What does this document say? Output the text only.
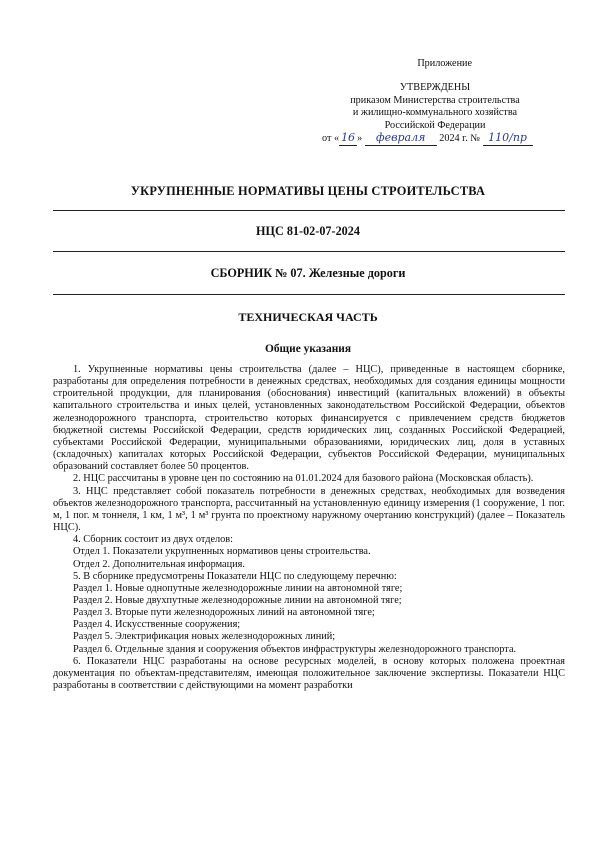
Приложение
УТВЕРЖДЕНЫ
приказом Министерства строительства
и жилищно-коммунального хозяйства
Российской Федерации
от « 16 » февраля 2024 г. № 110/пр
УКРУПНЕННЫЕ НОРМАТИВЫ ЦЕНЫ СТРОИТЕЛЬСТВА
НЦС 81-02-07-2024
СБОРНИК № 07. Железные дороги
ТЕХНИЧЕСКАЯ ЧАСТЬ
Общие указания

1. Укрупненные нормативы цены строительства (далее – НЦС), приведенные в настоящем сборнике, разработаны для определения потребности в денежных средствах, необходимых для создания единицы мощности строительной продукции, для планирования (обоснования) инвестиций (капитальных вложений) в объекты капитального строительства и иных целей, установленных законодательством Российской Федерации, объектов железнодорожного транспорта, строительство которых финансируется с привлечением средств бюджетов бюджетной системы Российской Федерации, средств юридических лиц, созданных Российской Федерацией, субъектами Российской Федерации, муниципальными образованиями, юридических лиц, доля в уставных (складочных) капиталах которых Российской Федерации, субъектов Российской Федерации, муниципальных образований составляет более 50 процентов.

2. НЦС рассчитаны в уровне цен по состоянию на 01.01.2024 для базового района (Московская область).

3. НЦС представляет собой показатель потребности в денежных средствах, необходимых для возведения объектов железнодорожного транспорта, рассчитанный на установленную единицу измерения (1 сооружение, 1 пог. м, 1 пог. м тоннеля, 1 км, 1 м³, 1 м³ грунта по проектному наружному очертанию конструкций) (далее – Показатель НЦС).

4. Сборник состоит из двух отделов:

Отдел 1. Показатели укрупненных нормативов цены строительства.

Отдел 2. Дополнительная информация.

5. В сборнике предусмотрены Показатели НЦС по следующему перечню:

Раздел 1. Новые однопутные железнодорожные линии на автономной тяге;

Раздел 2. Новые двухпутные железнодорожные линии на автономной тяге;

Раздел 3. Вторые пути железнодорожных линий на автономной тяге;

Раздел 4. Искусственные сооружения;

Раздел 5. Электрификация новых железнодорожных линий;

Раздел 6. Отдельные здания и сооружения объектов инфраструктуры железнодорожного транспорта.

6. Показатели НЦС разработаны на основе ресурсных моделей, в основу которых положена проектная документация по объектам-представителям, имеющая положительное заключение экспертизы. Показатели НЦС разработаны в соответствии с действующими на момент разработки
